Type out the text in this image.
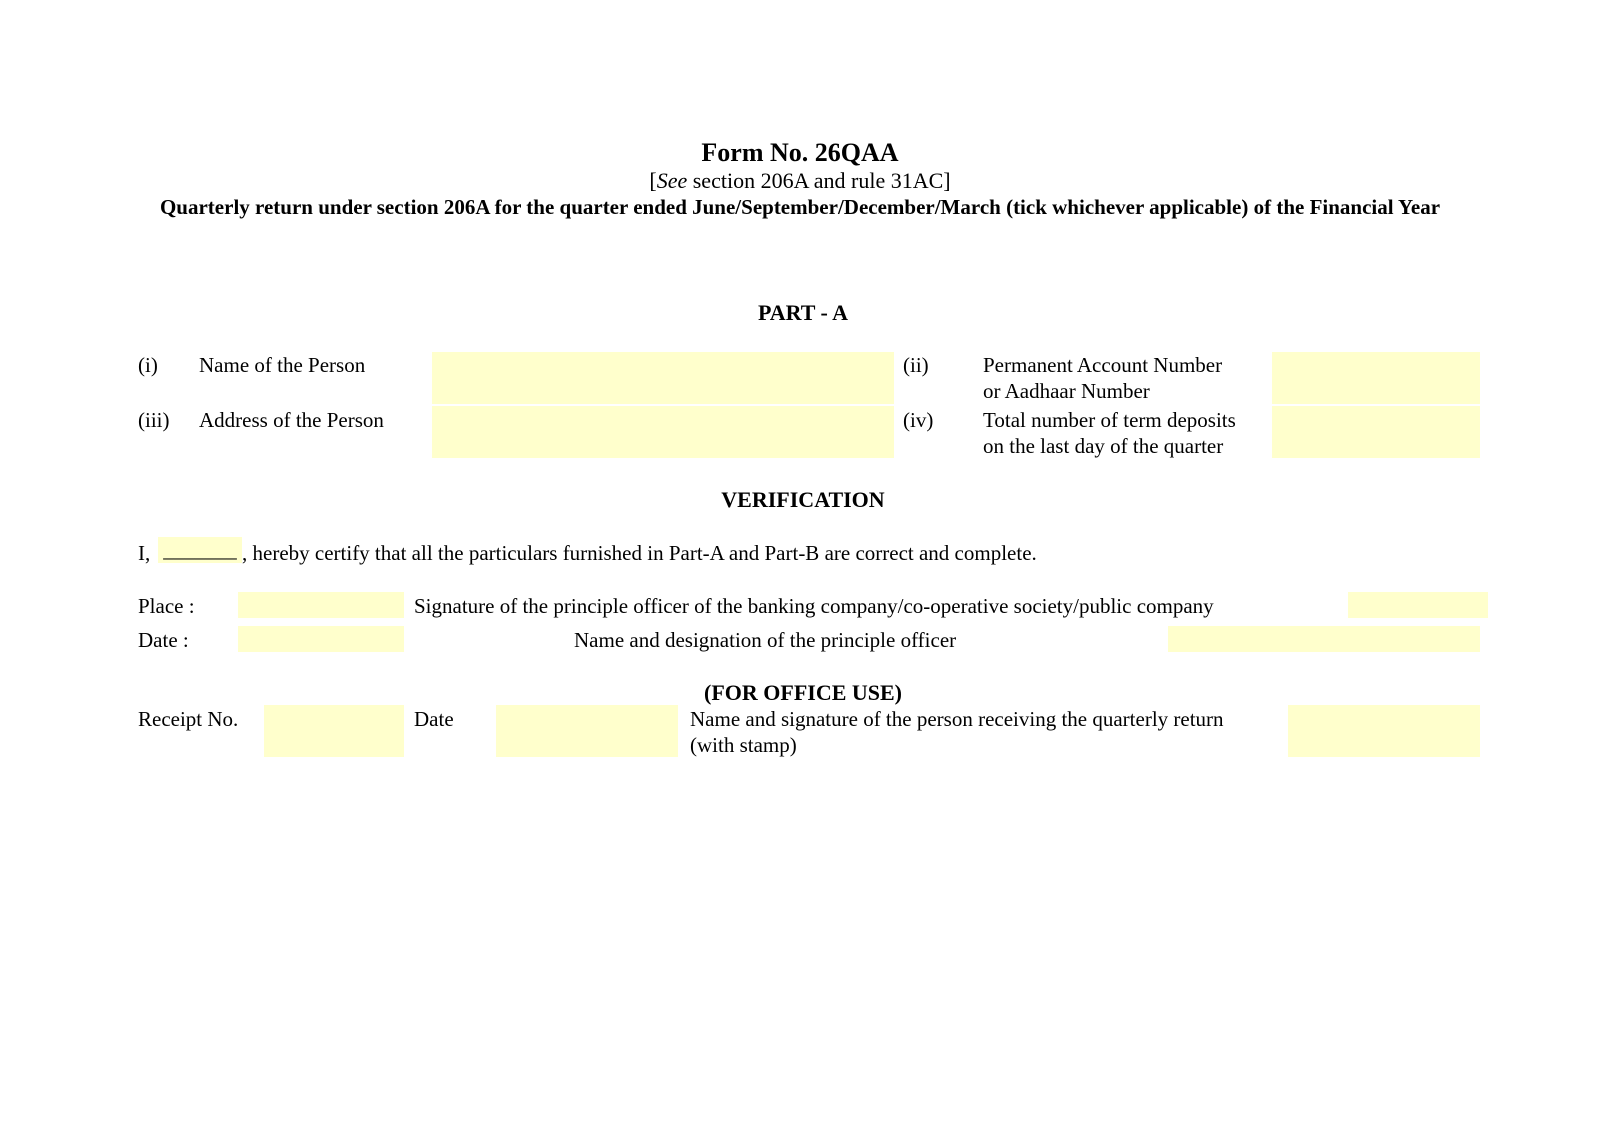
Form No. 26QAA
[See section 206A and rule 31AC]
Quarterly return under section 206A for the quarter ended June/September/December/March (tick whichever applicable) of the Financial Year
PART - A
(i) Name of the Person	(ii)	Permanent Account Number
or Aadhaar Number
(iii) Address of the Person	(iv) Total number of term deposits
on the last day of the quarter
VERIFICATION
I, _______ , hereby certify that all the particulars furnished in Part-A and Part-B are correct and complete.
Place :	Signature of the principle officer of the banking company/co-operative society/public company
Date :	Name and designation of the principle officer
(FOR OFFICE USE)
Receipt No.	Date	Name and signature of the person receiving the quarterly return
(with stamp)
